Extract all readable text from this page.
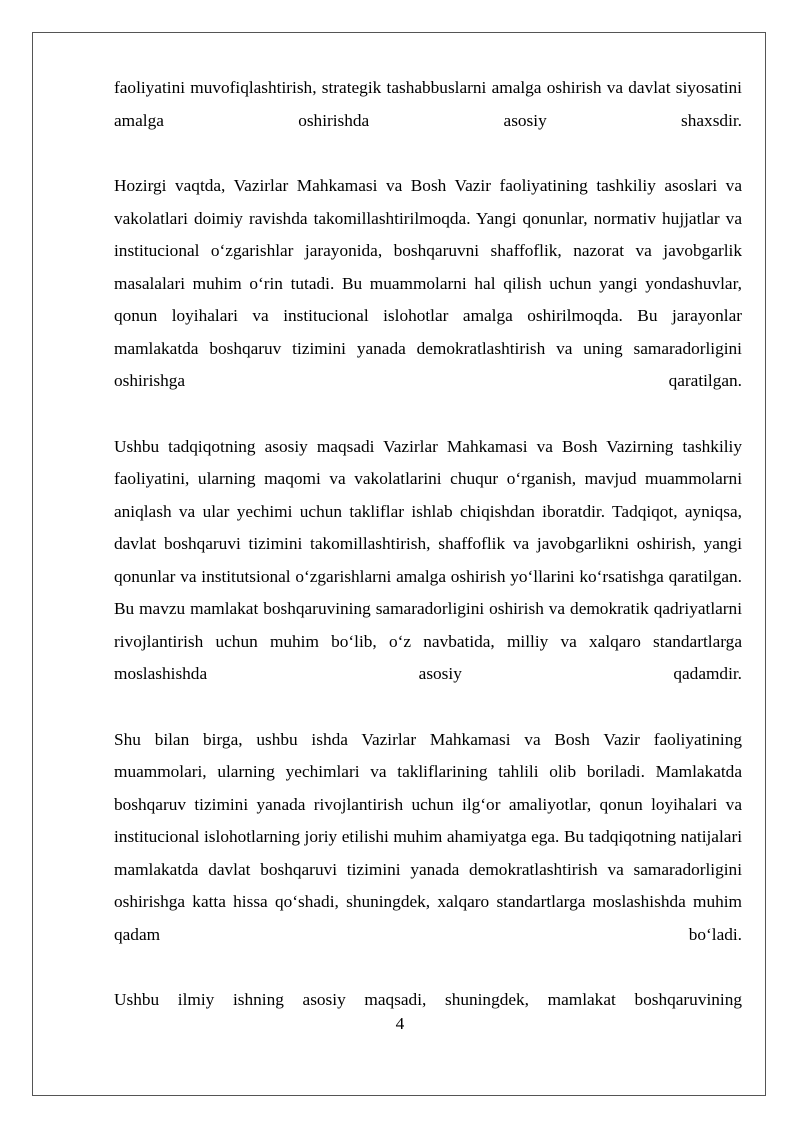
faoliyatini muvofiqlashtirish, strategik tashabbuslarni amalga oshirish va davlat siyosatini amalga oshirishda asosiy shaxsdir.

Hozirgi vaqtda, Vazirlar Mahkamasi va Bosh Vazir faoliyatining tashkiliy asoslari va vakolatlari doimiy ravishda takomillashtirilmoqda. Yangi qonunlar, normativ hujjatlar va institucional o‘zgarishlar jarayonida, boshqaruvni shaffoflik, nazorat va javobgarlik masalalari muhim o‘rin tutadi. Bu muammolarni hal qilish uchun yangi yondashuvlar, qonun loyihalari va institucional islohotlar amalga oshirilmoqda. Bu jarayonlar mamlakatda boshqaruv tizimini yanada demokratlashtirish va uning samaradorligini oshirishga qaratilgan.

Ushbu tadqiqotning asosiy maqsadi Vazirlar Mahkamasi va Bosh Vazirning tashkiliy faoliyatini, ularning maqomi va vakolatlarini chuqur o‘rganish, mavjud muammolarni aniqlash va ular yechimi uchun takliflar ishlab chiqishdan iboratdir. Tadqiqot, ayniqsa, davlat boshqaruvi tizimini takomillashtirish, shaffoflik va javobgarlikni oshirish, yangi qonunlar va institutsional o‘zgarishlarni amalga oshirish yo‘llarini ko‘rsatishga qaratilgan. Bu mavzu mamlakat boshqaruvining samaradorligini oshirish va demokratik qadriyatlarni rivojlantirish uchun muhim bo‘lib, o‘z navbatida, milliy va xalqaro standartlarga moslashishda asosiy qadamdir.

Shu bilan birga, ushbu ishda Vazirlar Mahkamasi va Bosh Vazir faoliyatining muammolari, ularning yechimlari va takliflarining tahlili olib boriladi. Mamlakatda boshqaruv tizimini yanada rivojlantirish uchun ilg‘or amaliyotlar, qonun loyihalari va institucional islohotlarning joriy etilishi muhim ahamiyatga ega. Bu tadqiqotning natijalari mamlakatda davlat boshqaruvi tizimini yanada demokratlashtirish va samaradorligini oshirishga katta hissa qo‘shadi, shuningdek, xalqaro standartlarga moslashishda muhim qadam bo‘ladi.

Ushbu ilmiy ishning asosiy maqsadi, shuningdek, mamlakat boshqaruvining

4
